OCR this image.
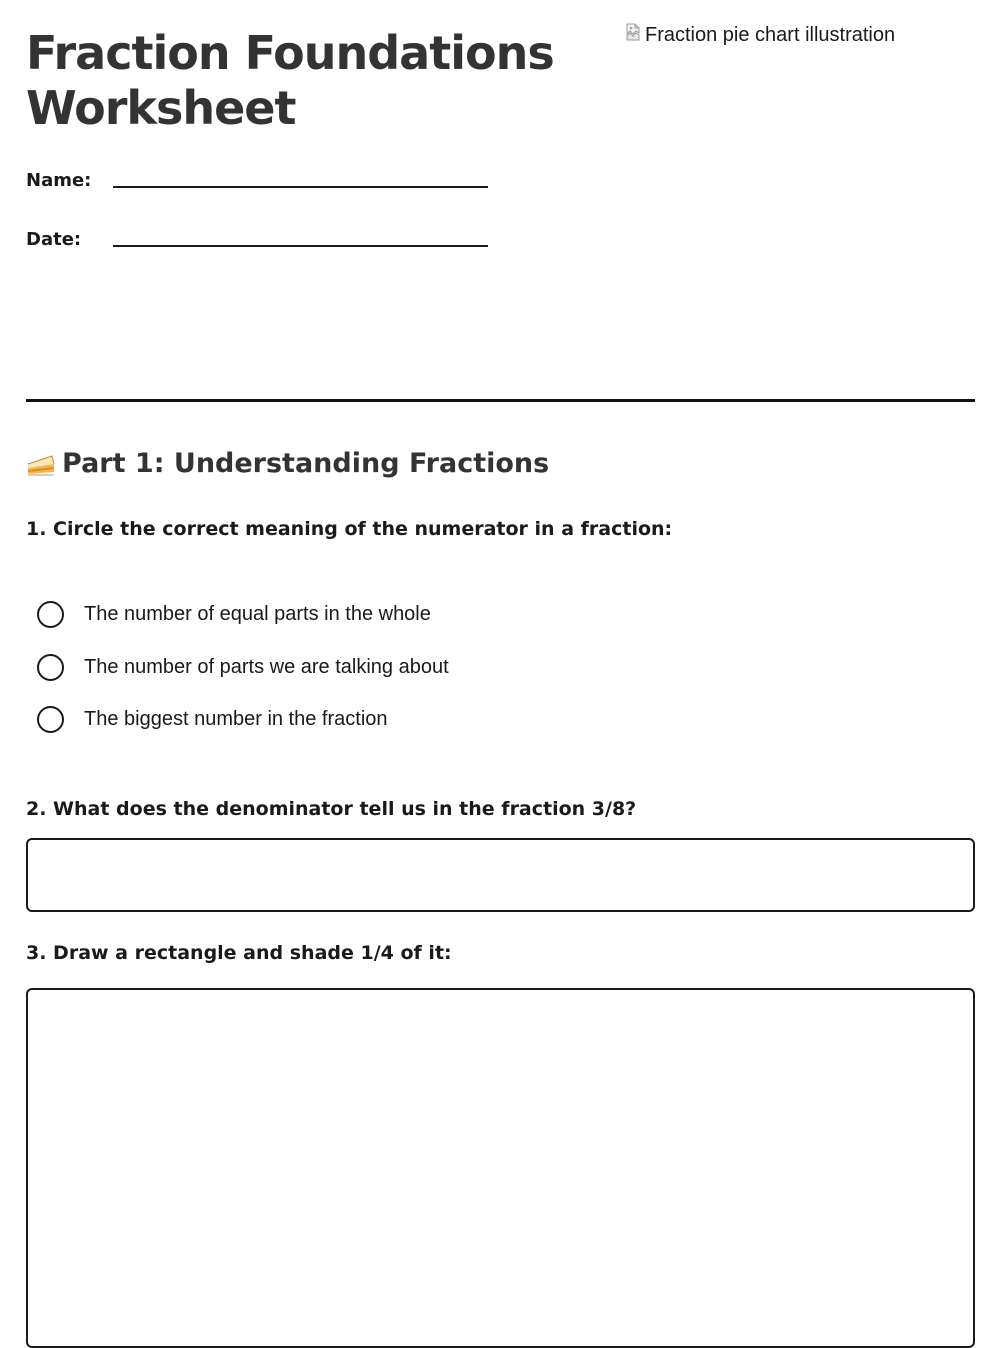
Fraction Foundations Worksheet
Fraction pie chart illustration
Name:
Date:
Part 1: Understanding Fractions
1. Circle the correct meaning of the numerator in a fraction:
The number of equal parts in the whole
The number of parts we are talking about
The biggest number in the fraction
2. What does the denominator tell us in the fraction 3/8?
3. Draw a rectangle and shade 1/4 of it:
